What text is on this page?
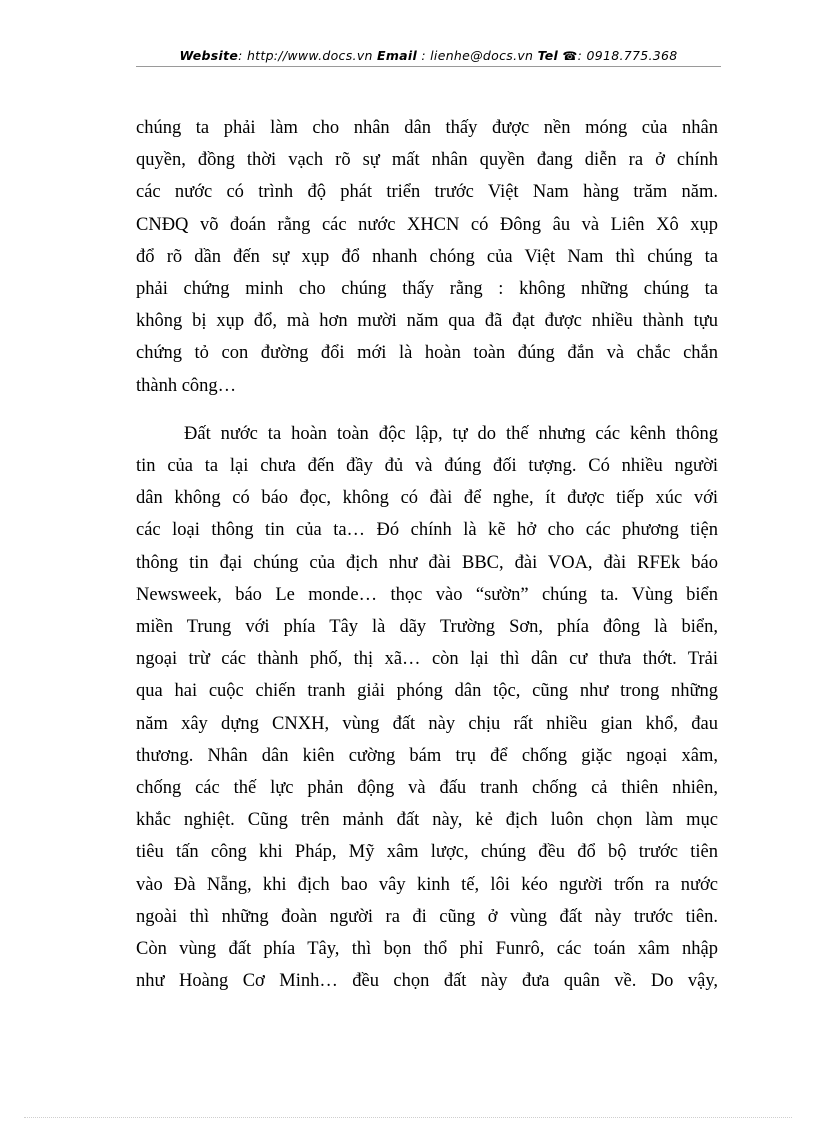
Website: http://www.docs.vn Email : lienhe@docs.vn Tel ☎: 0918.775.368
chúng ta phải làm cho nhân dân thấy được nền móng của nhân
quyền, đồng thời vạch rõ sự mất nhân quyền đang diễn ra ở chính
các nước có trình độ phát triển trước Việt Nam hàng trăm năm.
CNĐQ võ đoán rằng các nước XHCN có Đông âu và Liên Xô xụp
đổ rõ dần đến sự xụp đổ nhanh chóng của Việt Nam thì chúng ta
phải chứng minh cho chúng thấy rằng : không những chúng ta
không bị xụp đổ, mà hơn mười năm qua đã đạt được nhiều thành tựu
chứng tỏ con đường đổi mới là hoàn toàn đúng đắn và chắc chắn
thành công…
Đất nước ta hoàn toàn độc lập, tự do thế nhưng các kênh thông
tin của ta lại chưa đến đầy đủ và đúng đối tượng. Có nhiều người
dân không có báo đọc, không có đài để nghe, ít được tiếp xúc với
các loại thông tin của ta… Đó chính là kẽ hở cho các phương tiện
thông tin đại chúng của địch như đài BBC, đài VOA, đài RFEk báo
Newsweek, báo Le monde… thọc vào “sườn” chúng ta. Vùng biển
miền Trung với phía Tây là dãy Trường Sơn, phía đông là biển,
ngoại trừ các thành phố, thị xã… còn lại thì dân cư thưa thớt. Trải
qua hai cuộc chiến tranh giải phóng dân tộc, cũng như trong những
năm xây dựng CNXH, vùng đất này chịu rất nhiều gian khổ, đau
thương. Nhân dân kiên cường bám trụ để chống giặc ngoại xâm,
chống các thế lực phản động và đấu tranh chống cả thiên nhiên,
khắc nghiệt. Cũng trên mảnh đất này, kẻ địch luôn chọn làm mục
tiêu tấn công khi Pháp, Mỹ xâm lược, chúng đều đổ bộ trước tiên
vào Đà Nẵng, khi địch bao vây kinh tế, lôi kéo người trốn ra nước
ngoài thì những đoàn người ra đi cũng ở vùng đất này trước tiên.
Còn vùng đất phía Tây, thì bọn thổ phỉ Funrô, các toán xâm nhập
như Hoàng Cơ Minh… đều chọn đất này đưa quân về. Do vậy,
